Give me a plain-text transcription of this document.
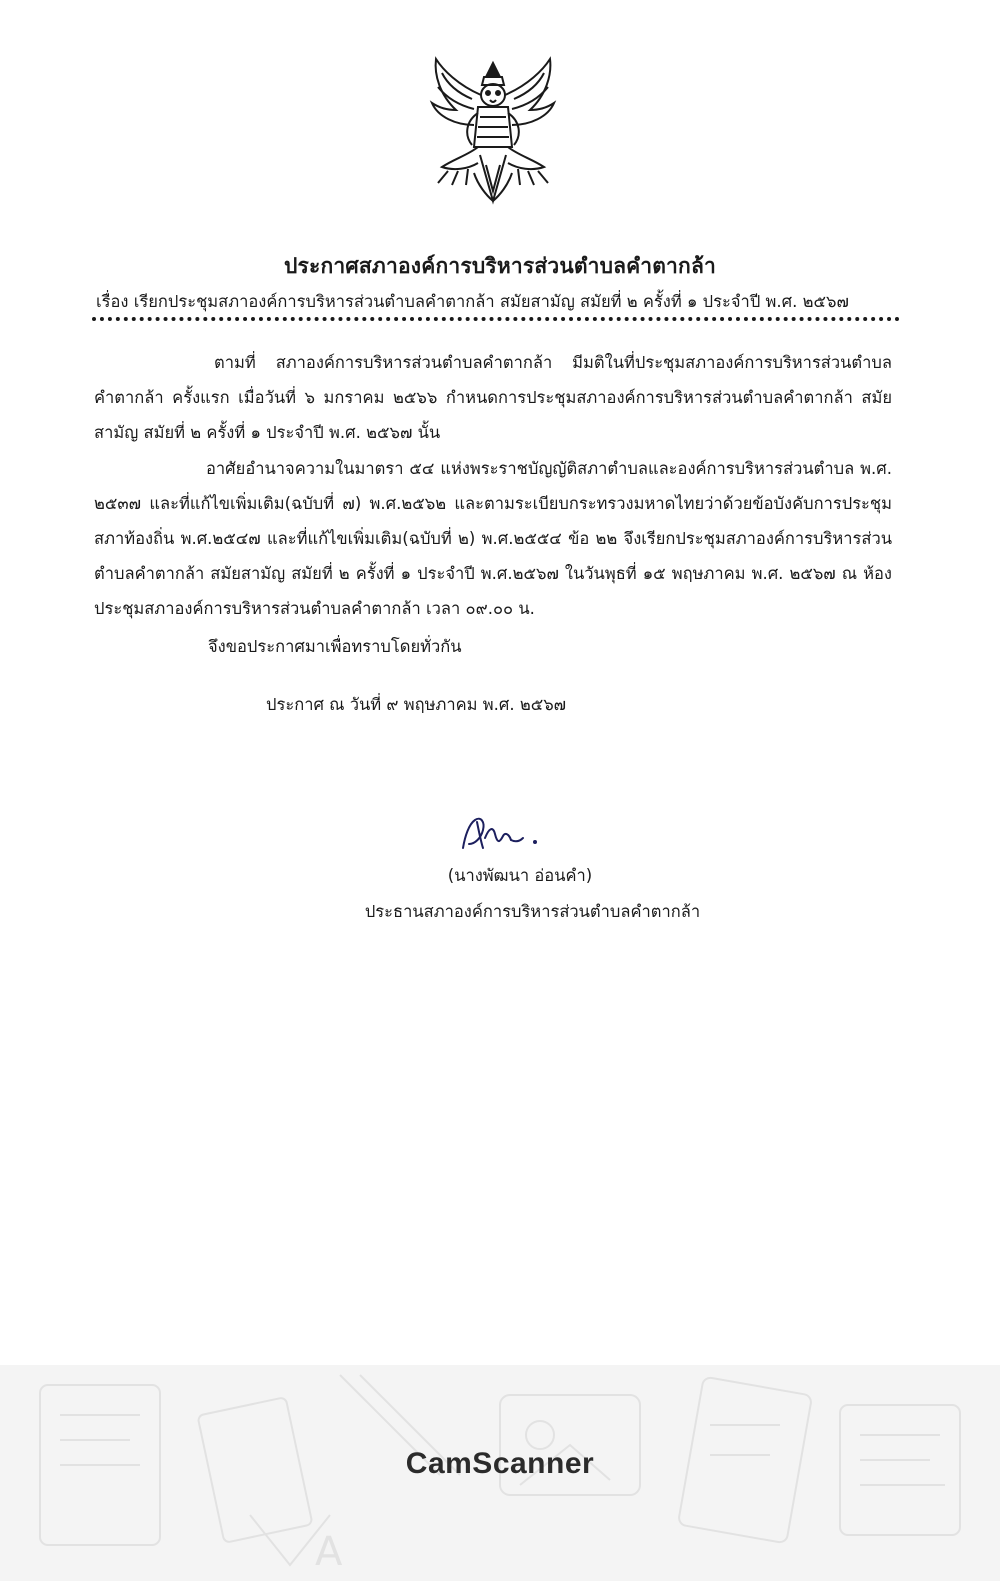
ประกาศสภาองค์การบริหารส่วนตำบลคำตากล้า
เรื่อง เรียกประชุมสภาองค์การบริหารส่วนตำบลคำตากล้า สมัยสามัญ สมัยที่ ๒ ครั้งที่ ๑ ประจำปี พ.ศ. ๒๕๖๗

ตามที่ สภาองค์การบริหารส่วนตำบลคำตากล้า มีมติในที่ประชุมสภาองค์การบริหารส่วนตำบลคำตากล้า ครั้งแรก เมื่อวันที่ ๖ มกราคม ๒๕๖๖ กำหนดการประชุมสภาองค์การบริหารส่วนตำบลคำตากล้า สมัยสามัญ สมัยที่ ๒ ครั้งที่ ๑ ประจำปี พ.ศ. ๒๕๖๗ นั้น

อาศัยอำนาจความในมาตรา ๕๔ แห่งพระราชบัญญัติสภาตำบลและองค์การบริหารส่วนตำบล พ.ศ. ๒๕๓๗ และที่แก้ไขเพิ่มเติม(ฉบับที่ ๗) พ.ศ.๒๕๖๒ และตามระเบียบกระทรวงมหาดไทยว่าด้วยข้อบังคับการประชุมสภาท้องถิ่น พ.ศ.๒๕๔๗ และที่แก้ไขเพิ่มเติม(ฉบับที่ ๒) พ.ศ.๒๕๕๔ ข้อ ๒๒ จึงเรียกประชุมสภาองค์การบริหารส่วนตำบลคำตากล้า สมัยสามัญ สมัยที่ ๒ ครั้งที่ ๑ ประจำปี พ.ศ.๒๕๖๗ ในวันพุธที่ ๑๕ พฤษภาคม พ.ศ. ๒๕๖๗ ณ ห้องประชุมสภาองค์การบริหารส่วนตำบลคำตากล้า เวลา ๐๙.๐๐ น.

จึงขอประกาศมาเพื่อทราบโดยทั่วกัน
ประกาศ ณ วันที่ ๙ พฤษภาคม พ.ศ. ๒๕๖๗
(นางพัฒนา อ่อนคำ)
ประธานสภาองค์การบริหารส่วนตำบลคำตากล้า
A
CamScanner
